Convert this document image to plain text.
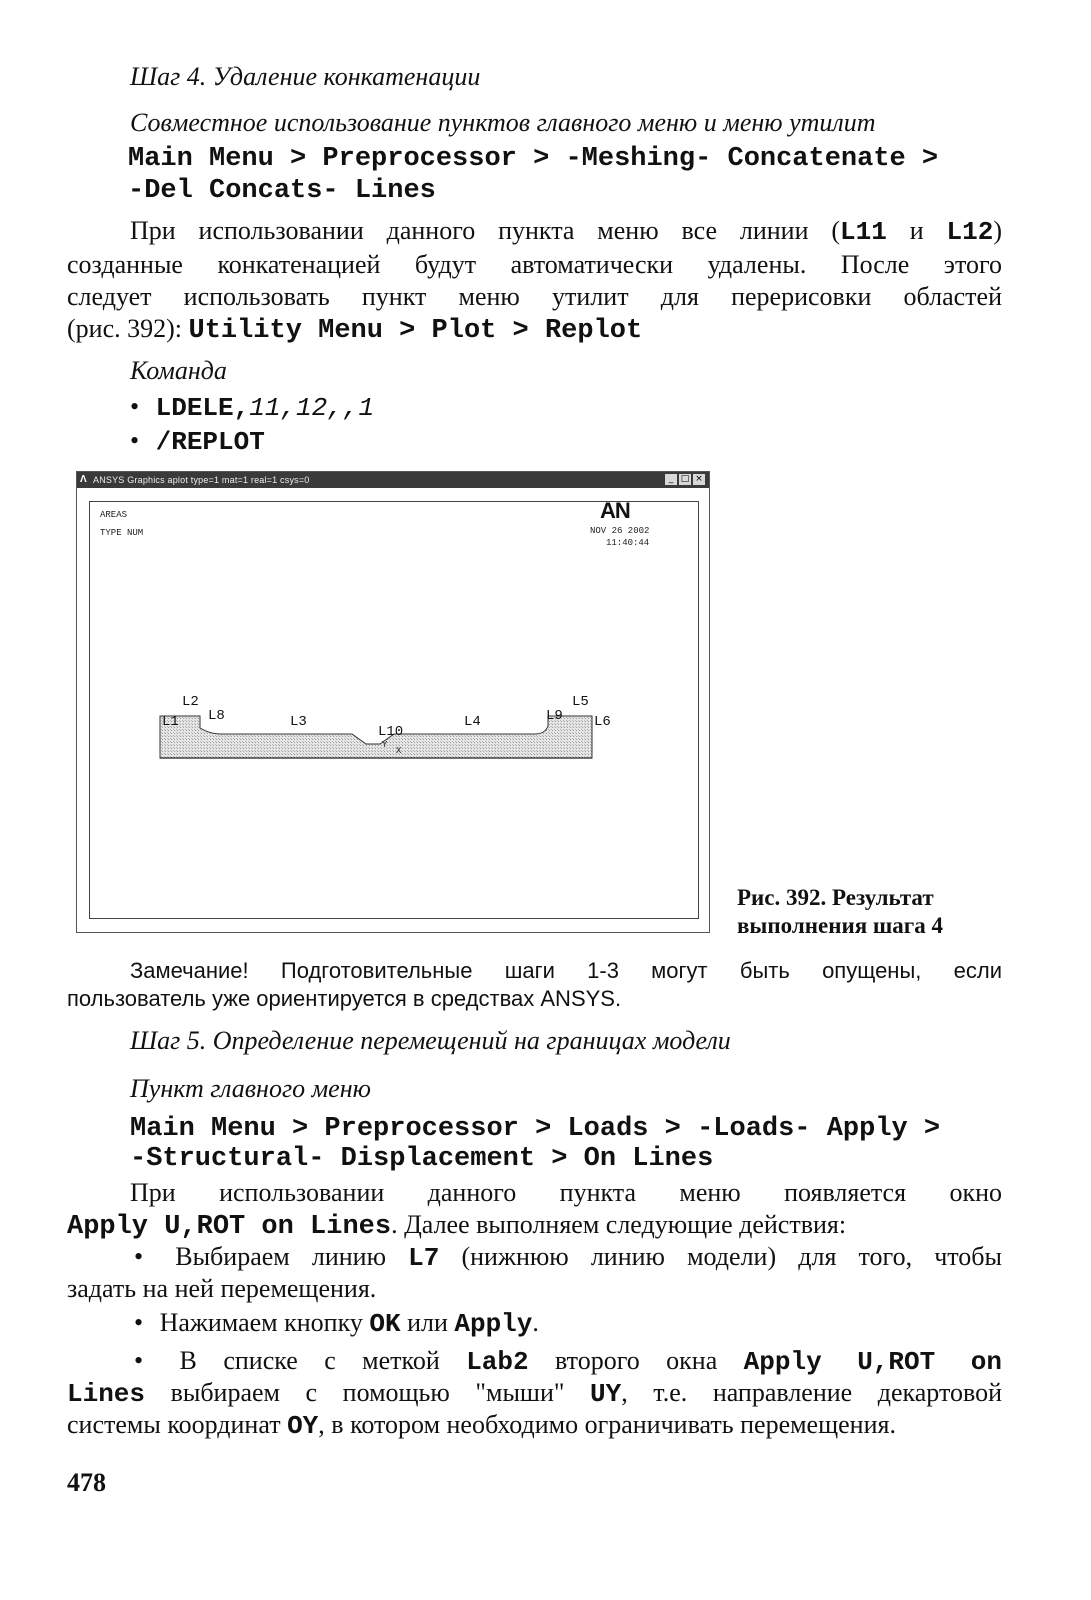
Шаг 4. Удаление конкатенации
Совместное использование пунктов главного меню и меню утилит
Main Menu > Preprocessor > -Meshing- Concatenate >
-Del Concats- Lines
При использовании данного пункта меню все линии (L11 и L12)
созданные конкатенацией будут автоматически удалены. После этого
следует использовать пункт меню утилит для перерисовки областей
(рис. 392): Utility Menu > Plot > Replot
Команда
• LDELE,11,12,,1
• /REPLOT
Λ ANSYS Graphics aplot type=1 mat=1 real=1 csys=0	_ □ ×
AREAS
TYPE NUM
AN
NOV 26 2002
11:40:44
L2
L1 L8	L3
L10
L4
L5
L9 L6
Y
X
Рис. 392. Результат
выполнения шага 4
Замечание! Подготовительные шаги 1-3 могут быть опущены, если
пользователь уже ориентируется в средствах ANSYS.
Шаг 5. Определение перемещений на границах модели
Пункт главного меню
Main Menu > Preprocessor > Loads > -Loads- Apply >
-Structural- Displacement > On Lines
При использовании данного пункта меню появляется окно
Apply U,ROT on Lines. Далее выполняем следующие действия:
• Выбираем линию L7 (нижнюю линию модели) для того, чтобы
задать на ней перемещения.
• Нажимаем кнопку OK или Apply.
• В списке с меткой Lab2 второго окна Apply U,ROT on
Lines выбираем с помощью "мыши" UY, т.е. направление декартовой
системы координат OY, в котором необходимо ограничивать перемещения.
478
